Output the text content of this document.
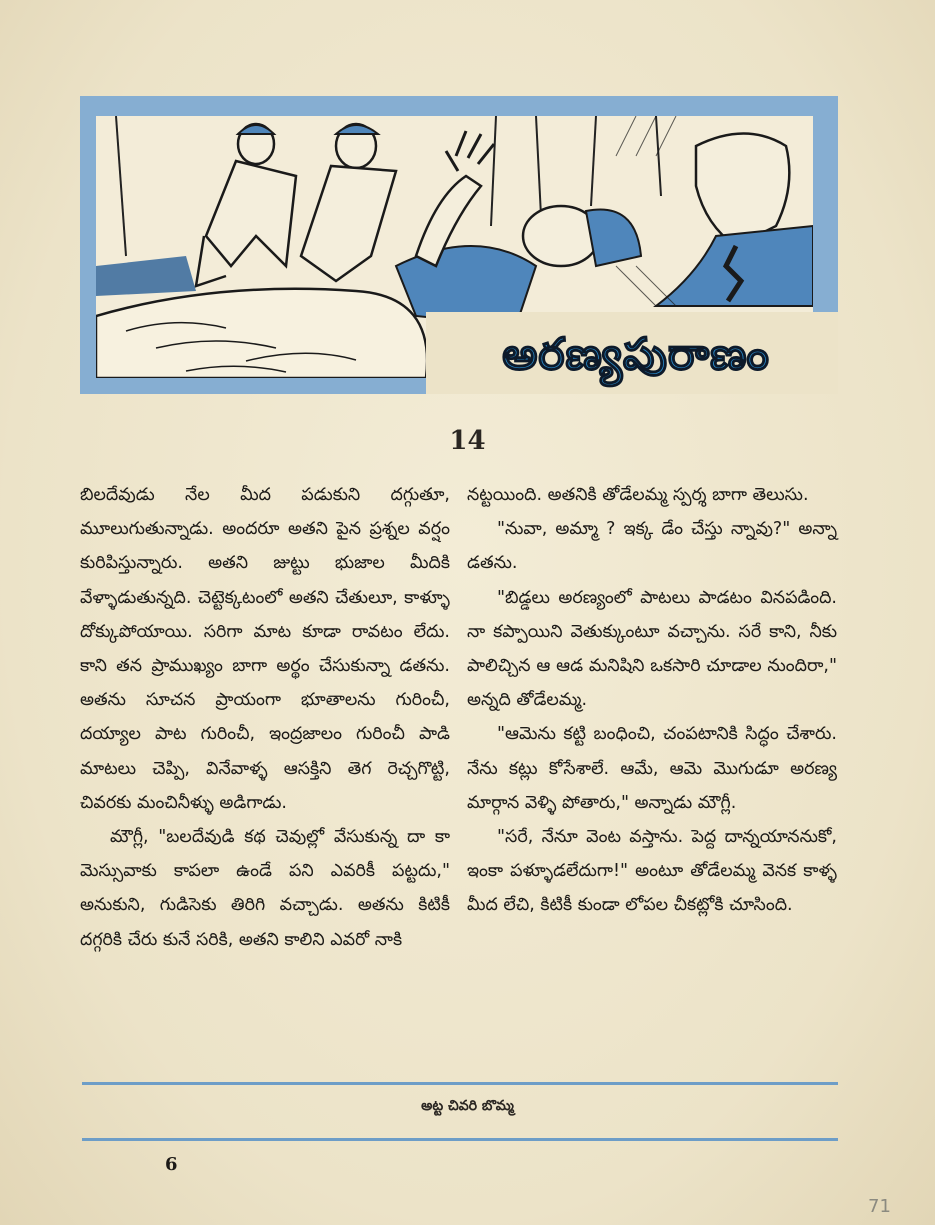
అరణ్యపురాణం
14

బిలదేవుడు నేల మీద పడుకుని దగ్గుతూ, మూలుగుతున్నాడు. అందరూ అతని పైన ప్రశ్నల వర్షం కురిపిస్తున్నారు. అతని జుట్టు భుజాల మీదికి వేళ్ళాడుతున్నది. చెట్టెక్కటంలో అతని చేతులూ, కాళ్ళూ దోక్కుపోయాయి. సరిగా మాట కూడా రావటం లేదు. కాని తన ప్రాముఖ్యం బాగా అర్థం చేసుకున్నా డతను. అతను సూచన ప్రాయంగా భూతాలను గురించీ, దయ్యాల పాట గురించీ, ఇంద్రజాలం గురించీ పాడి మాటలు చెప్పి, వినేవాళ్ళ ఆసక్తిని తెగ రెచ్చగొట్టి, చివరకు మంచినీళ్ళు అడిగాడు.

మౌగ్లీ, "బలదేవుడి కథ చెవుల్లో వేసుకున్న దా కా మెస్సువాకు కాపలా ఉండే పని ఎవరికీ పట్టదు," అనుకుని, గుడిసెకు తిరిగి వచ్చాడు. అతను కిటికీ దగ్గరికి చేరు కునే సరికి, అతని కాలిని ఎవరో నాకి

నట్టయింది. అతనికి తోడేలమ్మ స్పర్శ బాగా తెలుసు.

"నువా, అమ్మా ? ఇక్క డేం చేస్తు న్నావు?" అన్నా డతను.

"బిడ్డలు అరణ్యంలో పాటలు పాడటం వినపడింది. నా కప్పాయిని వెతుక్కుంటూ వచ్చాను. సరే కాని, నీకు పాలిచ్చిన ఆ ఆడ మనిషిని ఒకసారి చూడాల నుందిరా," అన్నది తోడేలమ్మ.

"ఆమెను కట్టి బంధించి, చంపటానికి సిద్ధం చేశారు. నేను కట్లు కోసేశాలే. ఆమే, ఆమె మొగుడూ అరణ్య మార్గాన వెళ్ళి పోతారు," అన్నాడు మౌగ్లీ.

"సరే, నేనూ వెంట వస్తాను. పెద్ద దాన్నయాననుకో, ఇంకా పళ్ళూడలేదుగా!" అంటూ తోడేలమ్మ వెనక కాళ్ళ మీద లేచి, కిటికీ కుండా లోపల చీకట్లోకి చూసింది.

అట్ట చివరి బొమ్మ
6
71
